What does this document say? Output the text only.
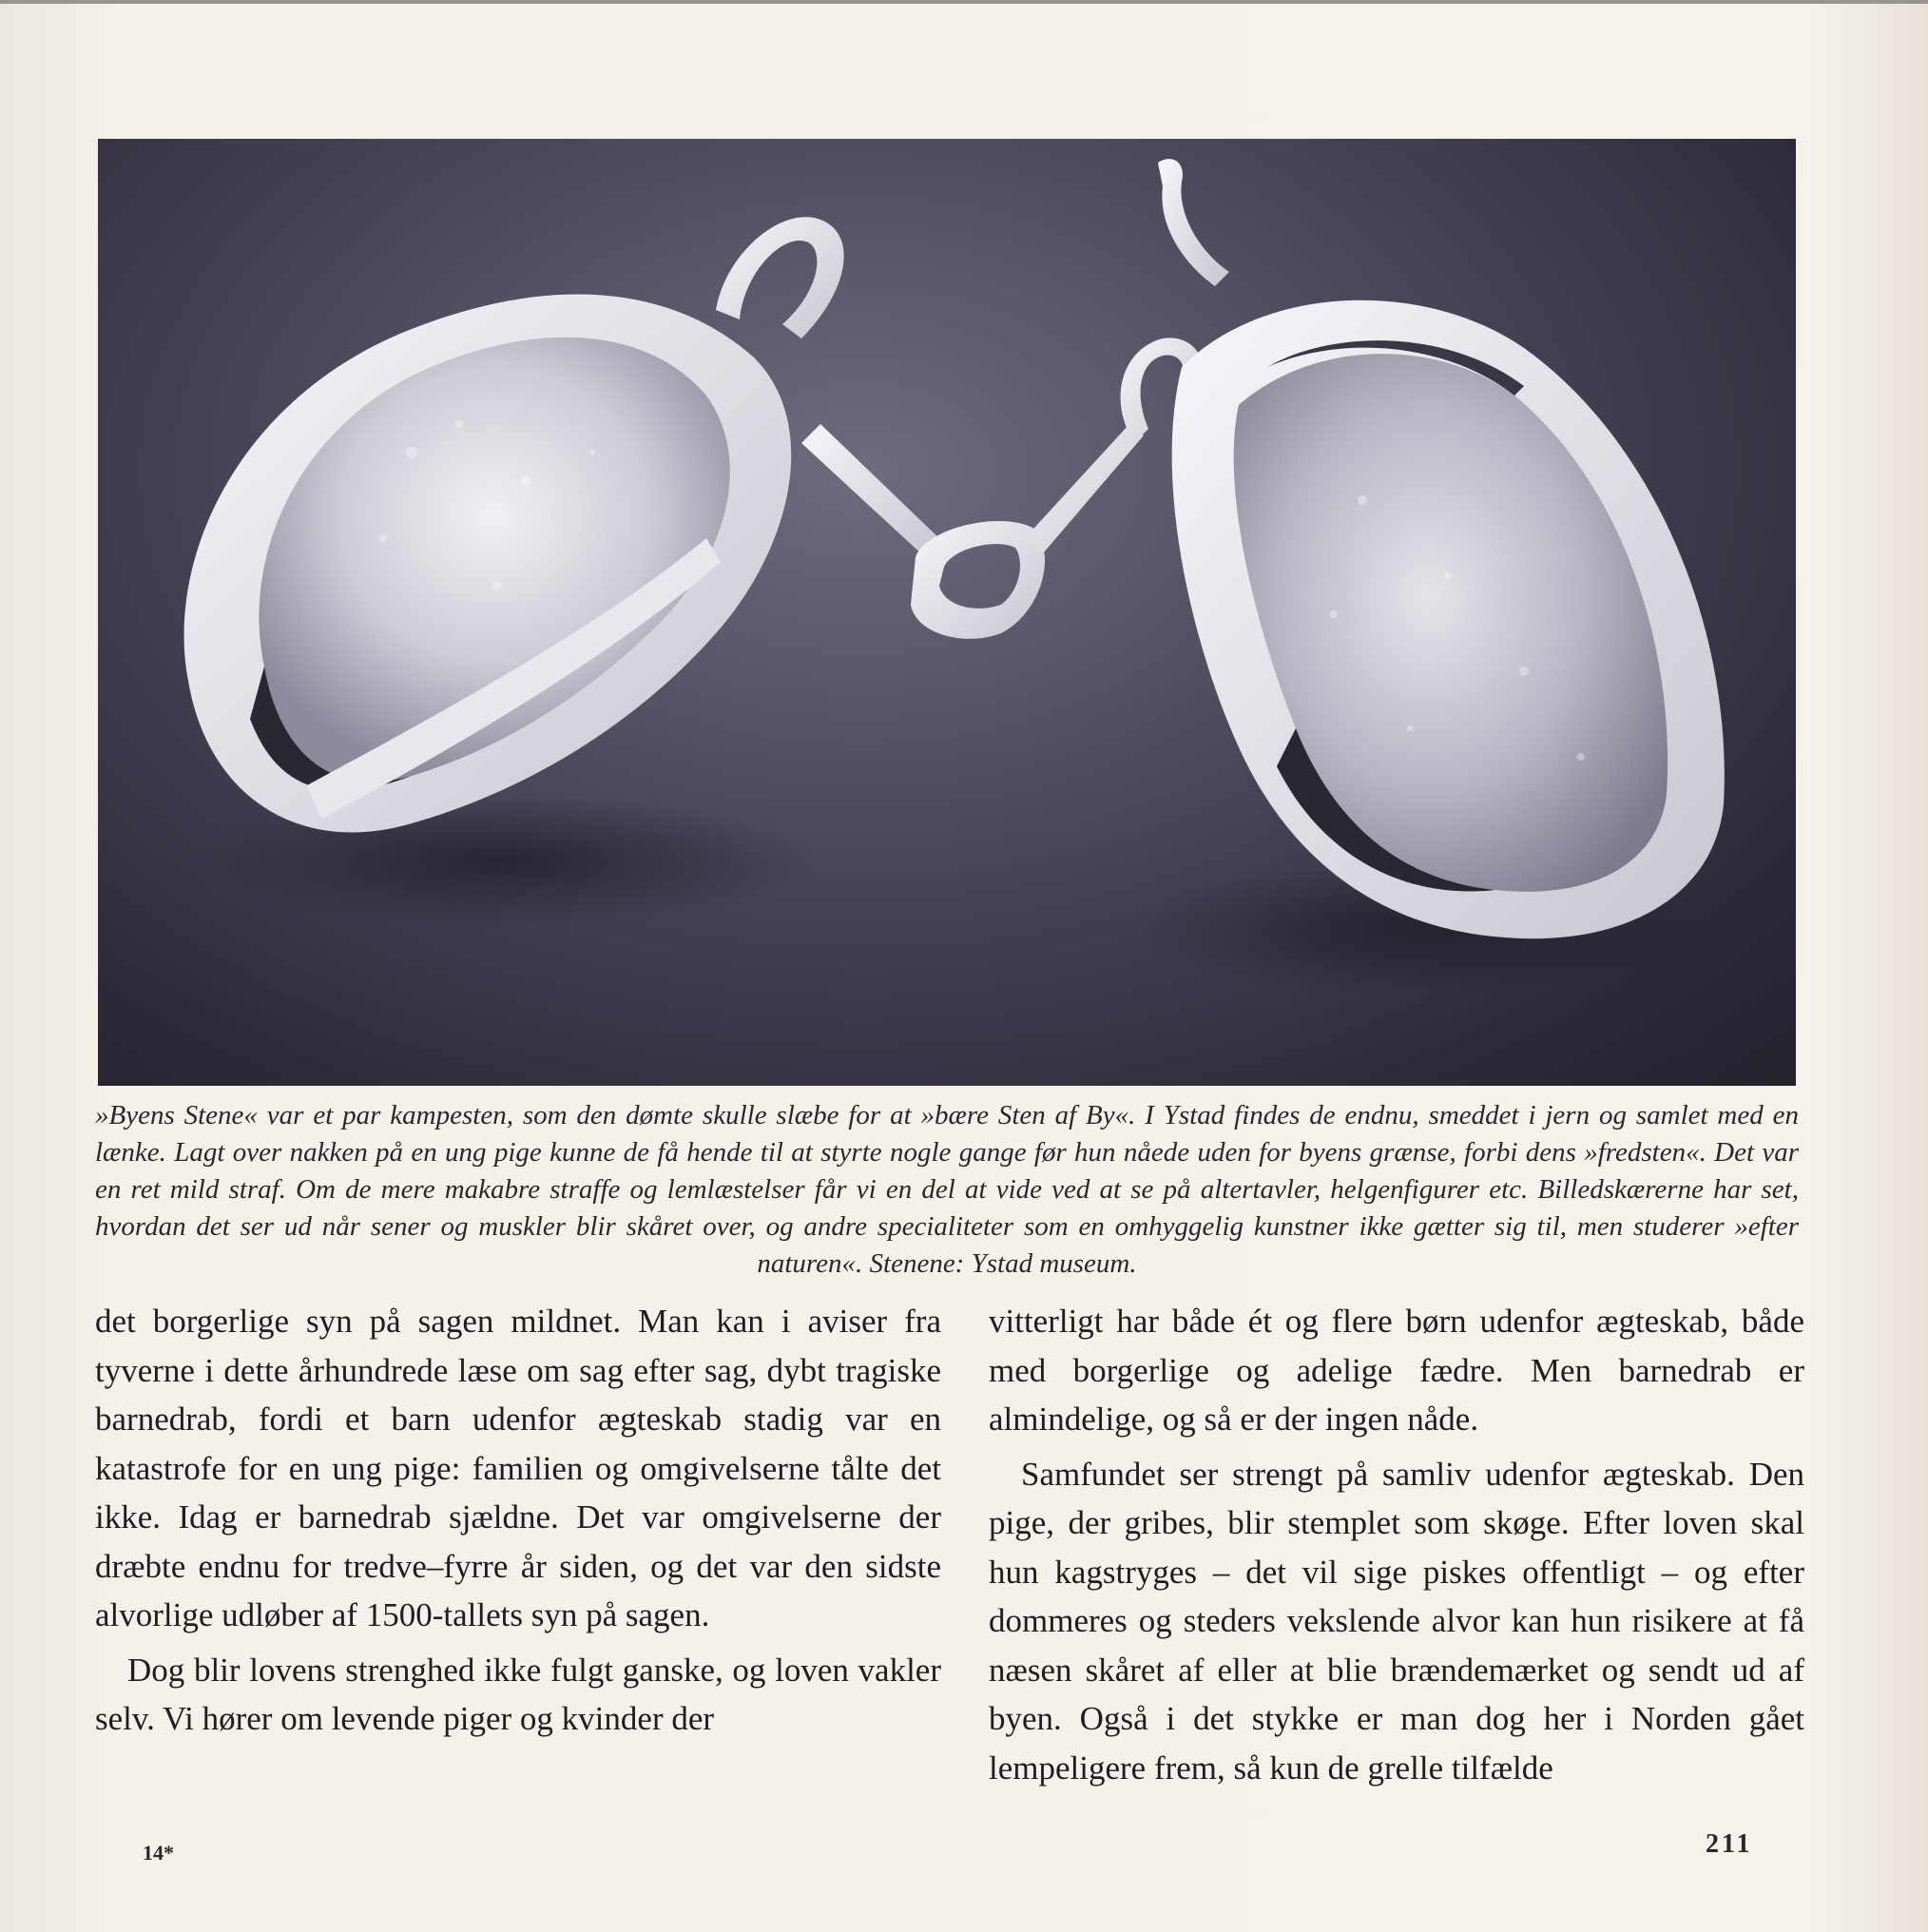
»Byens Stene« var et par kampesten, som den dømte skulle slæbe for at »bære Sten af By«. I Ystad findes de endnu, smeddet i jern og samlet med en lænke. Lagt over nakken på en ung pige kunne de få hende til at styrte nogle gange før hun nåede uden for byens grænse, forbi dens »fredsten«. Det var en ret mild straf. Om de mere makabre straffe og lemlæstelser får vi en del at vide ved at se på altertavler, helgenfigurer etc. Billedskærerne har set, hvordan det ser ud når sener og muskler blir skåret over, og andre specialiteter som en omhyggelig kunstner ikke gætter sig til, men studerer »efter naturen«. Stenene: Ystad museum.

det borgerlige syn på sagen mildnet. Man kan i aviser fra tyverne i dette århundrede læse om sag efter sag, dybt tragiske barnedrab, fordi et barn udenfor ægteskab stadig var en katastrofe for en ung pige: familien og omgivelserne tålte det ikke. Idag er barnedrab sjældne. Det var omgivelserne der dræbte endnu for tredve–fyrre år siden, og det var den sidste alvorlige udløber af 1500-tallets syn på sagen.

Dog blir lovens strenghed ikke fulgt ganske, og loven vakler selv. Vi hører om levende piger og kvinder der

vitterligt har både ét og flere børn udenfor ægteskab, både med borgerlige og adelige fædre. Men barnedrab er almindelige, og så er der ingen nåde.

Samfundet ser strengt på samliv udenfor ægteskab. Den pige, der gribes, blir stemplet som skøge. Efter loven skal hun kagstryges – det vil sige piskes offentligt – og efter dommeres og steders vekslende alvor kan hun risikere at få næsen skåret af eller at blie brændemærket og sendt ud af byen. Også i det stykke er man dog her i Norden gået lempeligere frem, så kun de grelle tilfælde

14*	211
